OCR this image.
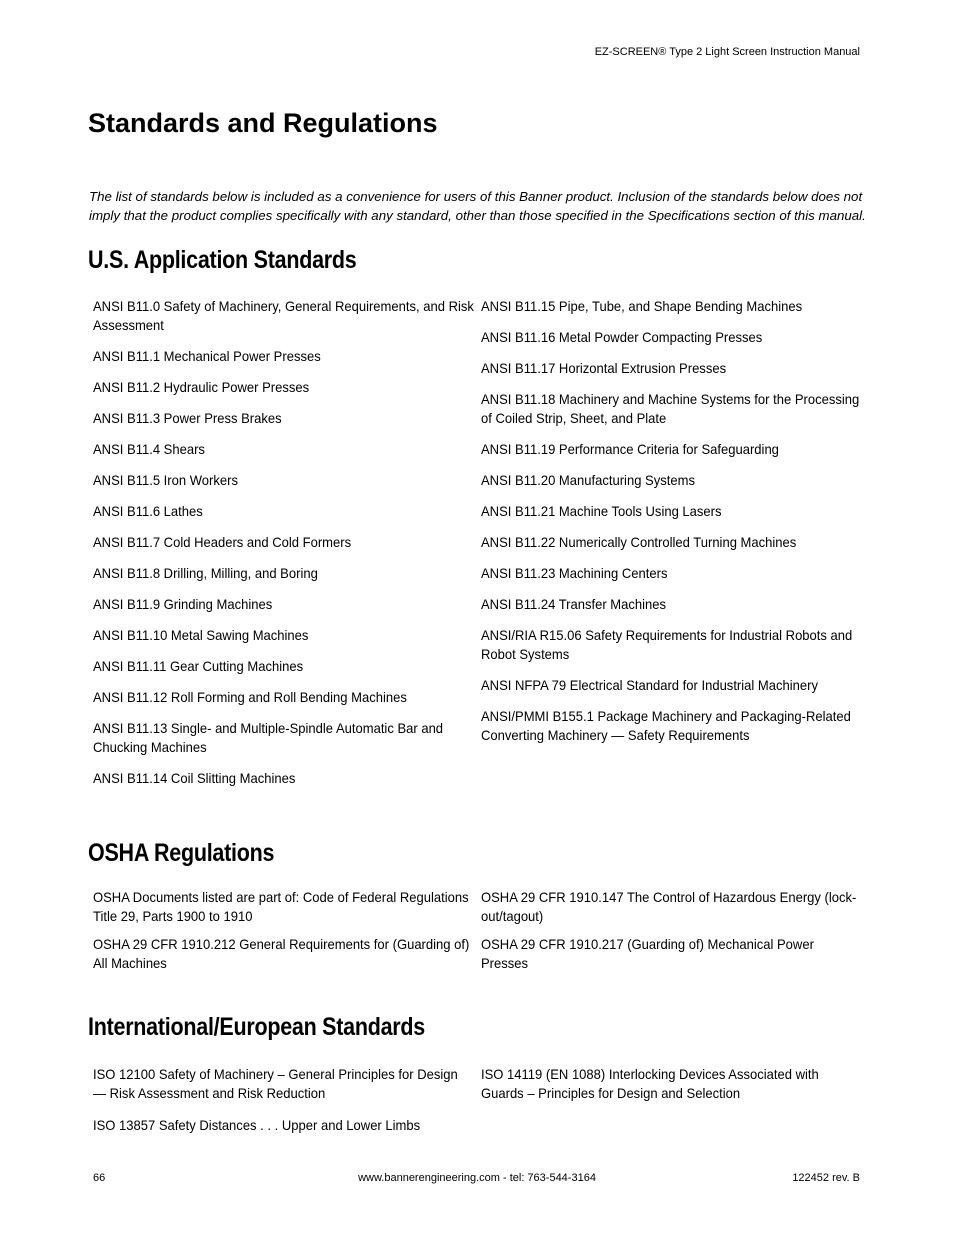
EZ-SCREEN® Type 2 Light Screen Instruction Manual
Standards and Regulations

The list of standards below is included as a convenience for users of this Banner product. Inclusion of the standards below does not imply that the product complies specifically with any standard, other than those specified in the Specifications section of this manual.

U.S. Application Standards

ANSI B11.0 Safety of Machinery, General Requirements, and Risk Assessment

ANSI B11.1 Mechanical Power Presses

ANSI B11.2 Hydraulic Power Presses

ANSI B11.3 Power Press Brakes

ANSI B11.4 Shears

ANSI B11.5 Iron Workers

ANSI B11.6 Lathes

ANSI B11.7 Cold Headers and Cold Formers

ANSI B11.8 Drilling, Milling, and Boring

ANSI B11.9 Grinding Machines

ANSI B11.10 Metal Sawing Machines

ANSI B11.11 Gear Cutting Machines

ANSI B11.12 Roll Forming and Roll Bending Machines

ANSI B11.13 Single- and Multiple-Spindle Automatic Bar and Chucking Machines

ANSI B11.14 Coil Slitting Machines

ANSI B11.15 Pipe, Tube, and Shape Bending Machines

ANSI B11.16 Metal Powder Compacting Presses

ANSI B11.17 Horizontal Extrusion Presses

ANSI B11.18 Machinery and Machine Systems for the Processing of Coiled Strip, Sheet, and Plate

ANSI B11.19 Performance Criteria for Safeguarding

ANSI B11.20 Manufacturing Systems

ANSI B11.21 Machine Tools Using Lasers

ANSI B11.22 Numerically Controlled Turning Machines

ANSI B11.23 Machining Centers

ANSI B11.24 Transfer Machines

ANSI/RIA R15.06 Safety Requirements for Industrial Robots and Robot Systems

ANSI NFPA 79 Electrical Standard for Industrial Machinery

ANSI/PMMI B155.1 Package Machinery and Packaging-Related Converting Machinery — Safety Requirements

OSHA Regulations

OSHA Documents listed are part of: Code of Federal Regulations Title 29, Parts 1900 to 1910

OSHA 29 CFR 1910.212 General Requirements for (Guarding of) All Machines

OSHA 29 CFR 1910.147 The Control of Hazardous Energy (lock-out/tagout)

OSHA 29 CFR 1910.217 (Guarding of) Mechanical Power Presses

International/European Standards

ISO 12100 Safety of Machinery – General Principles for Design — Risk Assessment and Risk Reduction

ISO 13857 Safety Distances . . . Upper and Lower Limbs

ISO 14119 (EN 1088) Interlocking Devices Associated with Guards – Principles for Design and Selection

66	www.bannerengineering.com - tel: 763-544-3164	122452 rev. B
